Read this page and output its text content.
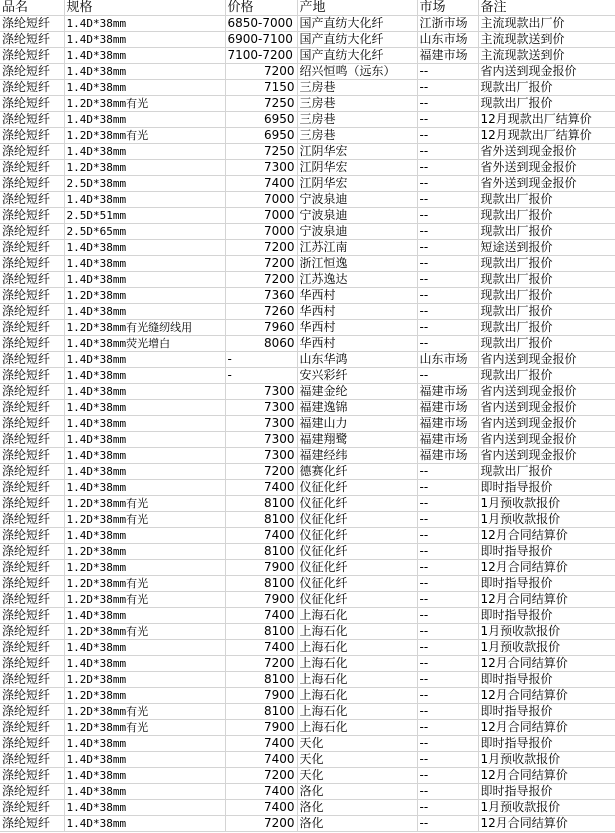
品名	规格	价格	产地	市场	备注
涤纶短纤	1.4D*38mm	6850-7000	国产直纺大化纤	江浙市场	主流现款出厂价
涤纶短纤	1.4D*38mm	6900-7100	国产直纺大化纤	山东市场	主流现款送到价
涤纶短纤	1.4D*38mm	7100-7200	国产直纺大化纤	福建市场	主流现款送到价
涤纶短纤	1.4D*38mm	7200	绍兴恒鸣（远东）	--	省内送到现金报价
涤纶短纤	1.4D*38mm	7150	三房巷	--	现款出厂报价
涤纶短纤	1.2D*38mm有光	7250	三房巷	--	现款出厂报价
涤纶短纤	1.4D*38mm	6950	三房巷	--	12月现款出厂结算价
涤纶短纤	1.2D*38mm有光	6950	三房巷	--	12月现款出厂结算价
涤纶短纤	1.4D*38mm	7250	江阴华宏	--	省外送到现金报价
涤纶短纤	1.2D*38mm	7300	江阴华宏	--	省外送到现金报价
涤纶短纤	2.5D*38mm	7400	江阴华宏	--	省外送到现金报价
涤纶短纤	1.4D*38mm	7000	宁波泉迪	--	现款出厂报价
涤纶短纤	2.5D*51mm	7000	宁波泉迪	--	现款出厂报价
涤纶短纤	2.5D*65mm	7000	宁波泉迪	--	现款出厂报价
涤纶短纤	1.4D*38mm	7200	江苏江南	--	短途送到报价
涤纶短纤	1.4D*38mm	7200	浙江恒逸	--	现款出厂报价
涤纶短纤	1.4D*38mm	7200	江苏逸达	--	现款出厂报价
涤纶短纤	1.2D*38mm	7360	华西村	--	现款出厂报价
涤纶短纤	1.4D*38mm	7260	华西村	--	现款出厂报价
涤纶短纤	1.2D*38mm有光缝纫线用	7960	华西村	--	现款出厂报价
涤纶短纤	1.4D*38mm荧光增白	8060	华西村	--	现款出厂报价
涤纶短纤	1.4D*38mm	-	山东华鸿	山东市场	省内送到现金报价
涤纶短纤	1.4D*38mm	-	安兴彩纤	--	现款出厂报价
涤纶短纤	1.4D*38mm	7300	福建金纶	福建市场	省内送到现金报价
涤纶短纤	1.4D*38mm	7300	福建逸锦	福建市场	省内送到现金报价
涤纶短纤	1.4D*38mm	7300	福建山力	福建市场	省内送到现金报价
涤纶短纤	1.4D*38mm	7300	福建翔鹭	福建市场	省内送到现金报价
涤纶短纤	1.4D*38mm	7300	福建经纬	福建市场	省内送到现金报价
涤纶短纤	1.4D*38mm	7200	德赛化纤	--	现款出厂报价
涤纶短纤	1.4D*38mm	7400	仪征化纤	--	即时指导报价
涤纶短纤	1.2D*38mm有光	8100	仪征化纤	--	1月预收款报价
涤纶短纤	1.2D*38mm有光	8100	仪征化纤	--	1月预收款报价
涤纶短纤	1.4D*38mm	7400	仪征化纤	--	12月合同结算价
涤纶短纤	1.2D*38mm	8100	仪征化纤	--	即时指导报价
涤纶短纤	1.2D*38mm	7900	仪征化纤	--	12月合同结算价
涤纶短纤	1.2D*38mm有光	8100	仪征化纤	--	即时指导报价
涤纶短纤	1.2D*38mm有光	7900	仪征化纤	--	12月合同结算价
涤纶短纤	1.4D*38mm	7400	上海石化	--	即时指导报价
涤纶短纤	1.2D*38mm有光	8100	上海石化	--	1月预收款报价
涤纶短纤	1.4D*38mm	7400	上海石化	--	1月预收款报价
涤纶短纤	1.4D*38mm	7200	上海石化	--	12月合同结算价
涤纶短纤	1.2D*38mm	8100	上海石化	--	即时指导报价
涤纶短纤	1.2D*38mm	7900	上海石化	--	12月合同结算价
涤纶短纤	1.2D*38mm有光	8100	上海石化	--	即时指导报价
涤纶短纤	1.2D*38mm有光	7900	上海石化	--	12月合同结算价
涤纶短纤	1.4D*38mm	7400	天化	--	即时指导报价
涤纶短纤	1.4D*38mm	7400	天化	--	1月预收款报价
涤纶短纤	1.4D*38mm	7200	天化	--	12月合同结算价
涤纶短纤	1.4D*38mm	7400	洛化	--	即时指导报价
涤纶短纤	1.4D*38mm	7400	洛化	--	1月预收款报价
涤纶短纤	1.4D*38mm	7200	洛化	--	12月合同结算价
